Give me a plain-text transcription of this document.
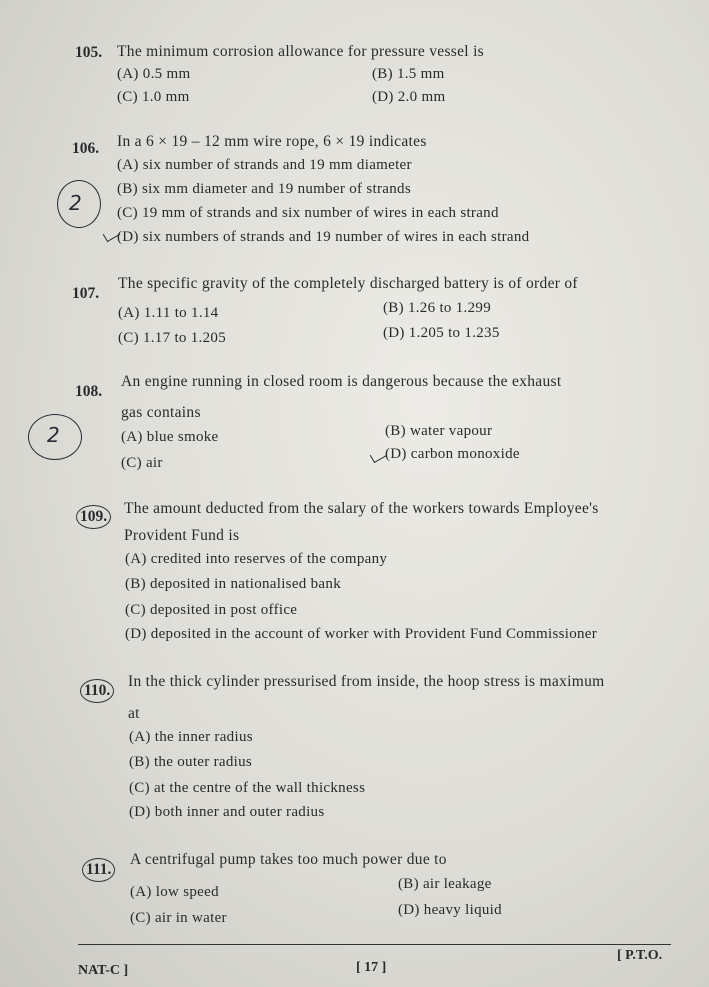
105. The minimum corrosion allowance for pressure vessel is
(A) 0.5 mm	(B) 1.5 mm
(C) 1.0 mm	(D) 2.0 mm
106. In a 6 × 19 – 12 mm wire rope, 6 × 19 indicates
(A) six number of strands and 19 mm diameter
(B) six mm diameter and 19 number of strands
(C) 19 mm of strands and six number of wires in each strand
(D) six numbers of strands and 19 number of wires in each strand
2
107.
The specific gravity of the completely discharged battery is of order of
(A) 1.11 to 1.14	(B) 1.26 to 1.299
(C) 1.17 to 1.205	(D) 1.205 to 1.235
108.
An engine running in closed room is dangerous because the exhaust
gas contains
(A) blue smoke	(B) water vapour
(C) air
(D) carbon monoxide
2
109. The amount deducted from the salary of the workers towards Employee's
Provident Fund is
(A) credited into reserves of the company
(B) deposited in nationalised bank
(C) deposited in post office
(D) deposited in the account of worker with Provident Fund Commissioner
110.
In the thick cylinder pressurised from inside, the hoop stress is maximum
at
(A) the inner radius
(B) the outer radius
(C) at the centre of the wall thickness
(D) both inner and outer radius
111.
A centrifugal pump takes too much power due to
(A) low speed	(B) air leakage
(C) air in water	(D) heavy liquid
NAT-C ]	[ 17 ]
[ P.T.O.
